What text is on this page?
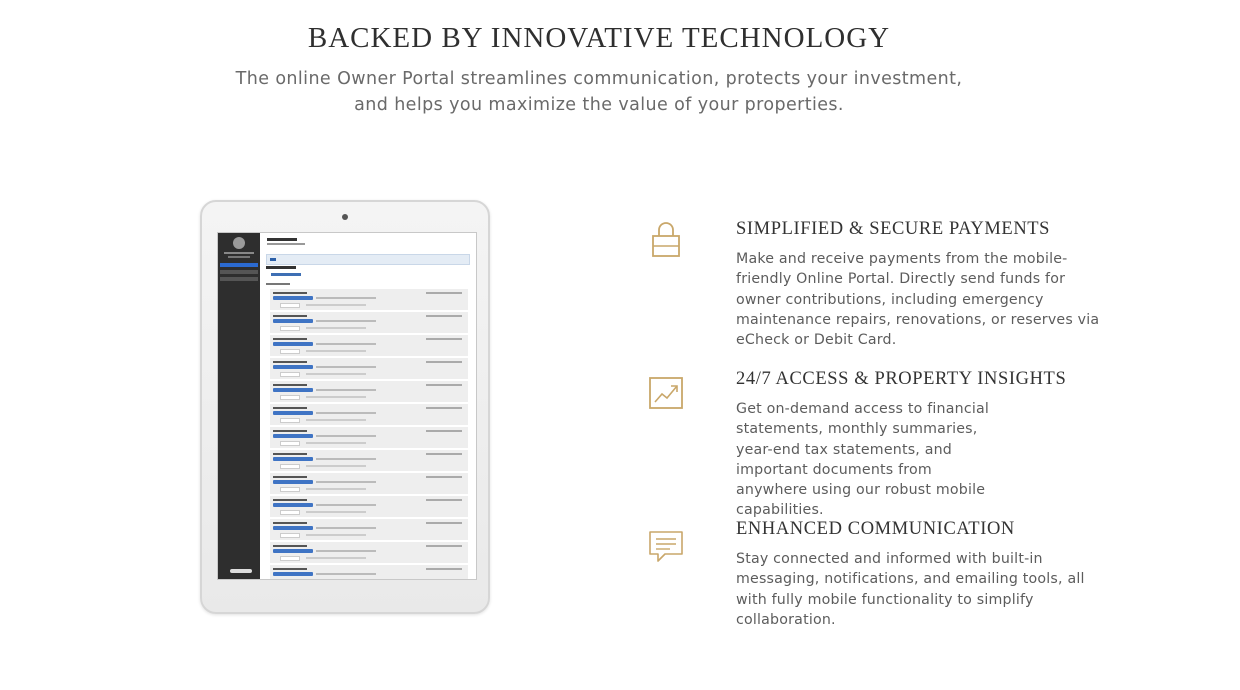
BACKED BY INNOVATIVE TECHNOLOGY

The online Owner Portal streamlines communication, protects your investment, and helps you maximize the value of your properties.

SIMPLIFIED & SECURE PAYMENTS

Make and receive payments from the mobile-friendly Online Portal. Directly send funds for owner contributions, including emergency maintenance repairs, renovations, or reserves via eCheck or Debit Card.

24/7 ACCESS & PROPERTY INSIGHTS

Get on-demand access to financial statements, monthly summaries, year-end tax statements, and important documents from anywhere using our robust mobile capabilities.

ENHANCED COMMUNICATION

Stay connected and informed with built-in messaging, notifications, and emailing tools, all with fully mobile functionality to simplify collaboration.
